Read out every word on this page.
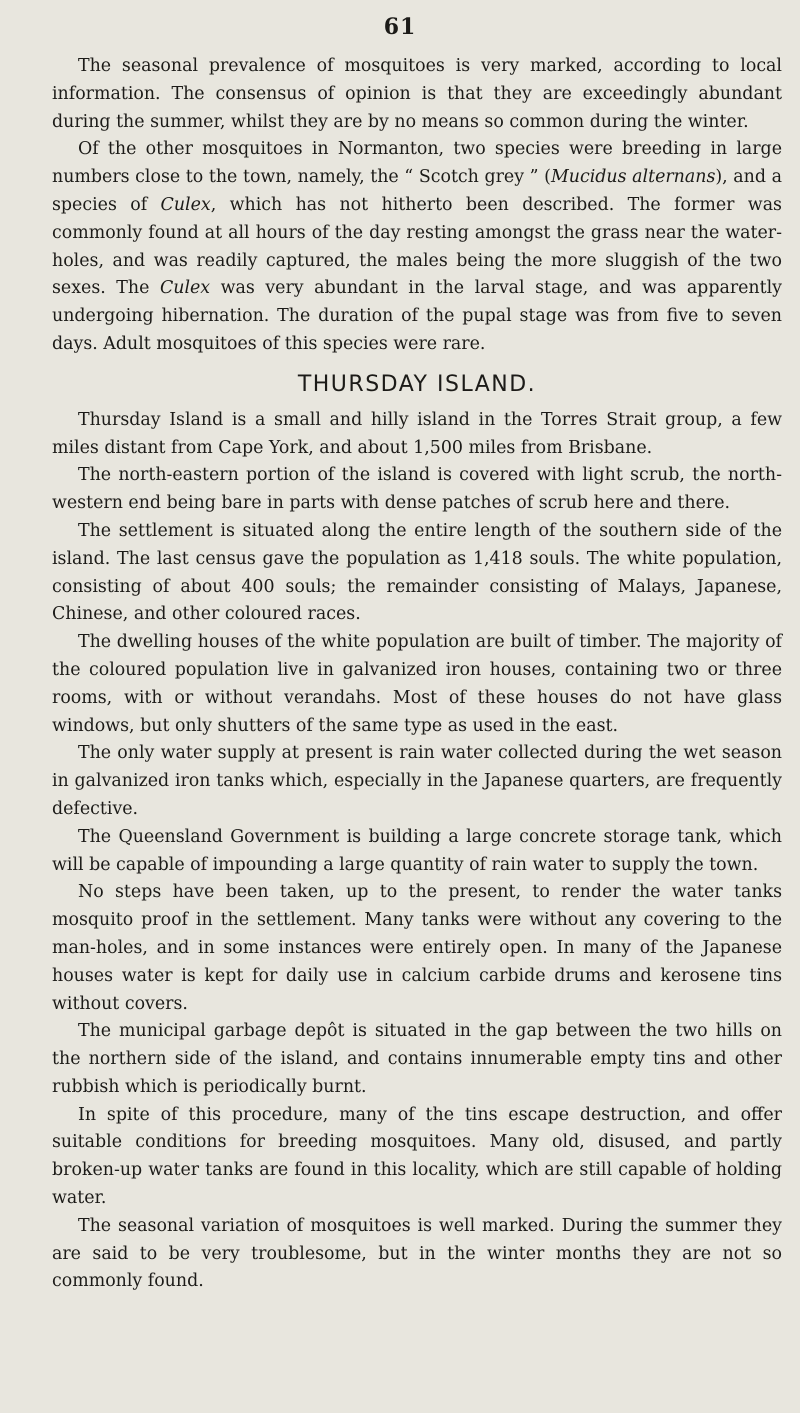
61

The seasonal prevalence of mosquitoes is very marked, according to local information. The consensus of opinion is that they are exceedingly abundant during the summer, whilst they are by no means so common during the winter.

Of the other mosquitoes in Normanton, two species were breeding in large numbers close to the town, namely, the “ Scotch grey ” (Mucidus alternans), and a species of Culex, which has not hitherto been described. The former was commonly found at all hours of the day resting amongst the grass near the water-holes, and was readily captured, the males being the more sluggish of the two sexes. The Culex was very abundant in the larval stage, and was apparently undergoing hibernation. The duration of the pupal stage was from five to seven days. Adult mosquitoes of this species were rare.

THURSDAY ISLAND.

Thursday Island is a small and hilly island in the Torres Strait group, a few miles distant from Cape York, and about 1,500 miles from Brisbane.

The north-eastern portion of the island is covered with light scrub, the north-western end being bare in parts with dense patches of scrub here and there.

The settlement is situated along the entire length of the southern side of the island. The last census gave the population as 1,418 souls. The white population, consisting of about 400 souls; the remainder consisting of Malays, Japanese, Chinese, and other coloured races.

The dwelling houses of the white population are built of timber. The majority of the coloured population live in galvanized iron houses, containing two or three rooms, with or without verandahs. Most of these houses do not have glass windows, but only shutters of the same type as used in the east.

The only water supply at present is rain water collected during the wet season in galvanized iron tanks which, especially in the Japanese quarters, are frequently defective.

The Queensland Government is building a large concrete storage tank, which will be capable of impounding a large quantity of rain water to supply the town.

No steps have been taken, up to the present, to render the water tanks mosquito proof in the settlement. Many tanks were without any covering to the man-holes, and in some instances were entirely open. In many of the Japanese houses water is kept for daily use in calcium carbide drums and kerosene tins without covers.

The municipal garbage depôt is situated in the gap between the two hills on the northern side of the island, and contains innumerable empty tins and other rubbish which is periodically burnt.

In spite of this procedure, many of the tins escape destruction, and offer suitable conditions for breeding mosquitoes. Many old, disused, and partly broken-up water tanks are found in this locality, which are still capable of holding water.

The seasonal variation of mosquitoes is well marked. During the summer they are said to be very troublesome, but in the winter months they are not so commonly found.
